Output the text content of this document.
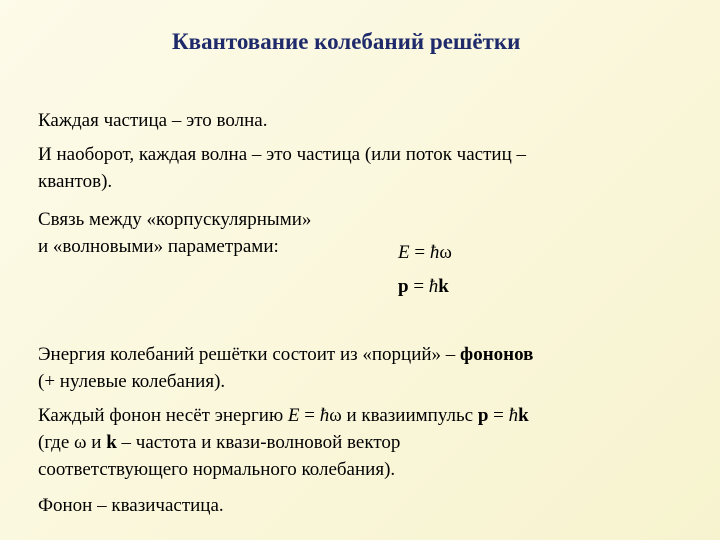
Квантование колебаний решётки
Каждая частица – это волна.
И наоборот, каждая волна – это частица (или поток частиц –
квантов).
Связь между «корпускулярными»
и «волновыми» параметрами:	E = ħω
p = ħk
Энергия колебаний решётки состоит из «порций» – фононов
(+ нулевые колебания).
Каждый фонон несёт энергию E = ħω и квазиимпульс p = ħk
(где ω и k – частота и квази-волновой вектор
соответствующего нормального колебания).
Фонон – квазичастица.
